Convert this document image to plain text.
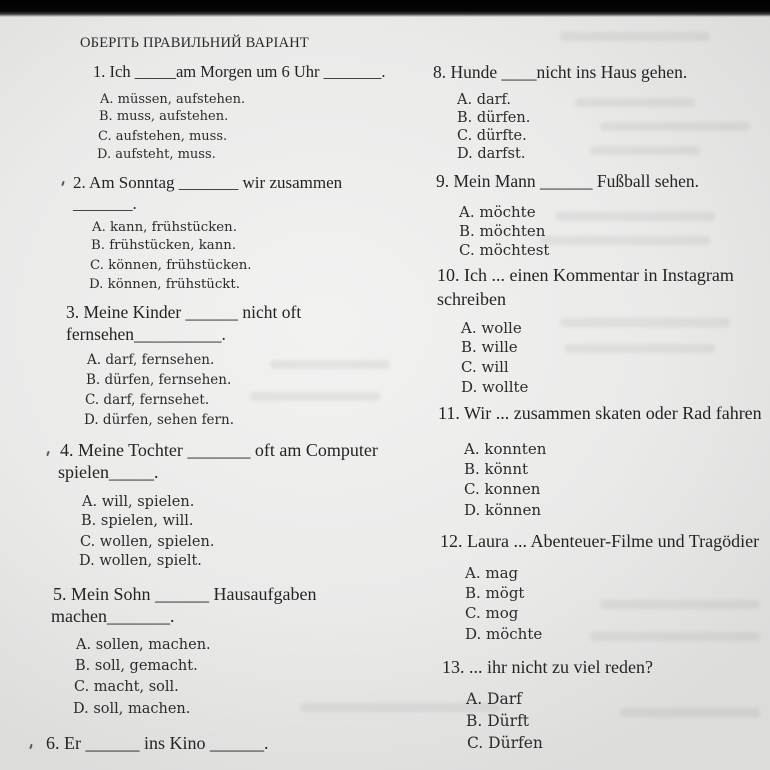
ОБЕРІТЬ ПРАВИЛЬНИЙ ВАРІАНТ
1. Ich _____am Morgen um 6 Uhr _______.
A. müssen, aufstehen.
B. muss, aufstehen.
C. aufstehen, muss.
D. aufsteht, muss.
2. Am Sonntag _______ wir zusammen
_______.
A. kann, frühstücken.
B. frühstücken, kann.
C. können, frühstücken.
D. können, frühstückt.
3. Meine Kinder ______ nicht oft
fernsehen__________.
A. darf, fernsehen.
B. dürfen, fernsehen.
C. darf, fernsehet.
D. dürfen, sehen fern.
4. Meine Tochter _______ oft am Computer
spielen_____.
A. will, spielen.
B. spielen, will.
C. wollen, spielen.
D. wollen, spielt.
5. Mein Sohn ______ Hausaufgaben
machen_______.
A. sollen, machen.
B. soll, gemacht.
C. macht, soll.
D. soll, machen.
6. Er ______ ins Kino ______.
8. Hunde ____nicht ins Haus gehen.
A. darf.
B. dürfen.
C. dürfte.
D. darfst.
9. Mein Mann ______ Fußball sehen.
A. möchte
B. möchten
C. möchtest
10. Ich ... einen Kommentar in Instagram
schreiben
A. wolle
B. wille
C. will
D. wollte
11. Wir ... zusammen skaten oder Rad fahren
A. konnten
B. könnt
C. konnen
D. können
12. Laura ... Abenteuer-Filme und Tragödier
A. mag
B. mögt
C. mog
D. möchte
13. ... ihr nicht zu viel reden?
A. Darf
B. Dürft
C. Dürfen
